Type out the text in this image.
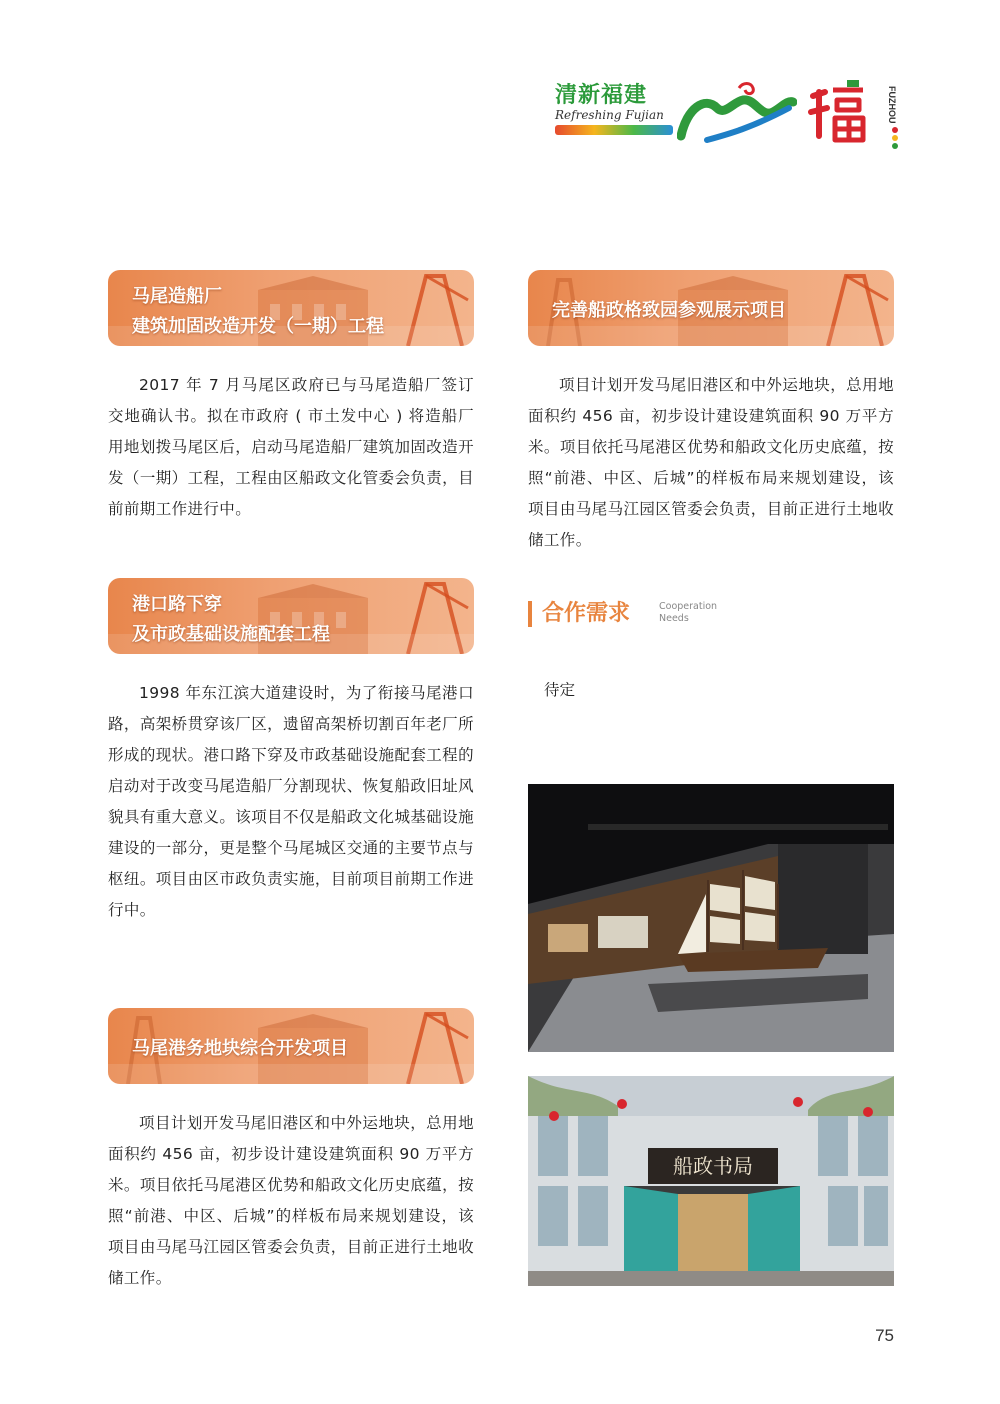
清新福建
Refreshing Fujian	FUZHOU
马尾造船厂
建筑加固改造开发（一期）工程
2017 年 7 月马尾区政府已与马尾造船厂签订交地确认书。拟在市政府 ( 市土发中心 ) 将造船厂用地划拨马尾区后，启动马尾造船厂建筑加固改造开发（一期）工程，工程由区船政文化管委会负责，目前前期工作进行中。
港口路下穿
及市政基础设施配套工程
1998 年东江滨大道建设时，为了衔接马尾港口路，高架桥贯穿该厂区，遗留高架桥切割百年老厂所形成的现状。港口路下穿及市政基础设施配套工程的启动对于改变马尾造船厂分割现状、恢复船政旧址风貌具有重大意义。该项目不仅是船政文化城基础设施建设的一部分，更是整个马尾城区交通的主要节点与枢纽。项目由区市政负责实施，目前项目前期工作进行中。
马尾港务地块综合开发项目
项目计划开发马尾旧港区和中外运地块，总用地面积约 456 亩，初步设计建设建筑面积 90 万平方米。项目依托马尾港区优势和船政文化历史底蕴，按照“前港、中区、后城”的样板布局来规划建设，该项目由马尾马江园区管委会负责，目前正进行土地收储工作。
完善船政格致园参观展示项目
项目计划开发马尾旧港区和中外运地块，总用地面积约 456 亩，初步设计建设建筑面积 90 万平方米。项目依托马尾港区优势和船政文化历史底蕴，按照“前港、中区、后城”的样板布局来规划建设，该项目由马尾马江园区管委会负责，目前正进行土地收储工作。
合作需求	Cooperation
Needs
待定
船政书局
75
